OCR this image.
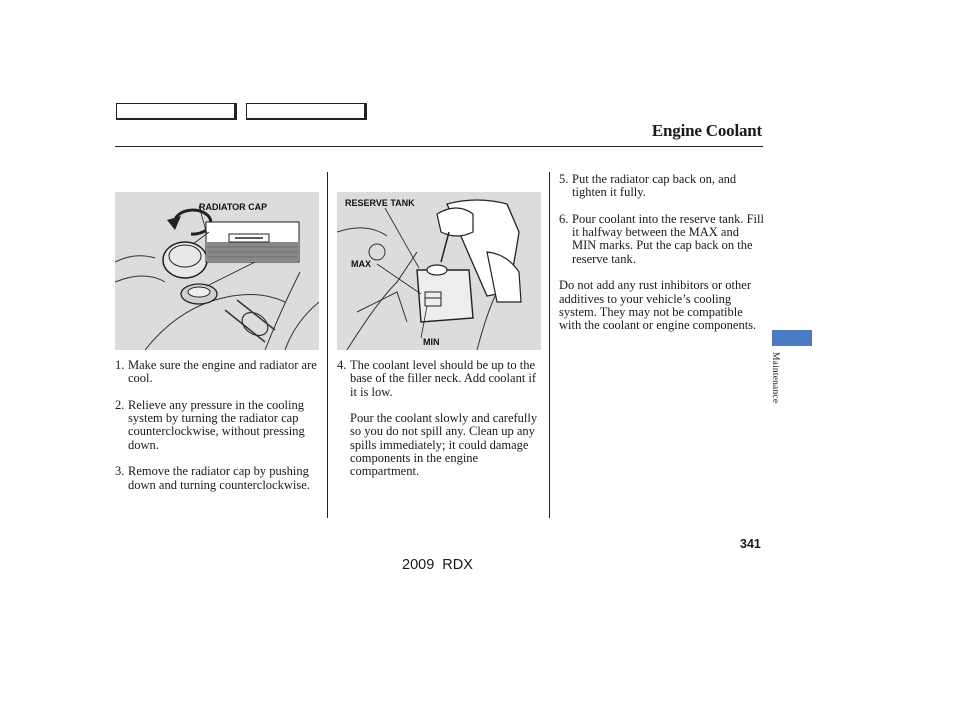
Engine Coolant
RADIATOR CAP	RESERVE TANK
MAX
MIN

1. Make sure the engine and radiator are cool.

2. Relieve any pressure in the cooling system by turning the radiator cap counterclockwise, without pressing down.

3. Remove the radiator cap by pushing down and turning counterclockwise.

4. The coolant level should be up to the base of the filler neck. Add coolant if it is low.

Pour the coolant slowly and carefully so you do not spill any. Clean up any spills immediately; it could damage components in the engine compartment.

5. Put the radiator cap back on, and tighten it fully.

6. Pour coolant into the reserve tank. Fill it halfway between the MAX and MIN marks. Put the cap back on the reserve tank.

Do not add any rust inhibitors or other additives to your vehicle’s cooling system. They may not be compatible with the coolant or engine components.

Maintenance
341
2009 RDX
